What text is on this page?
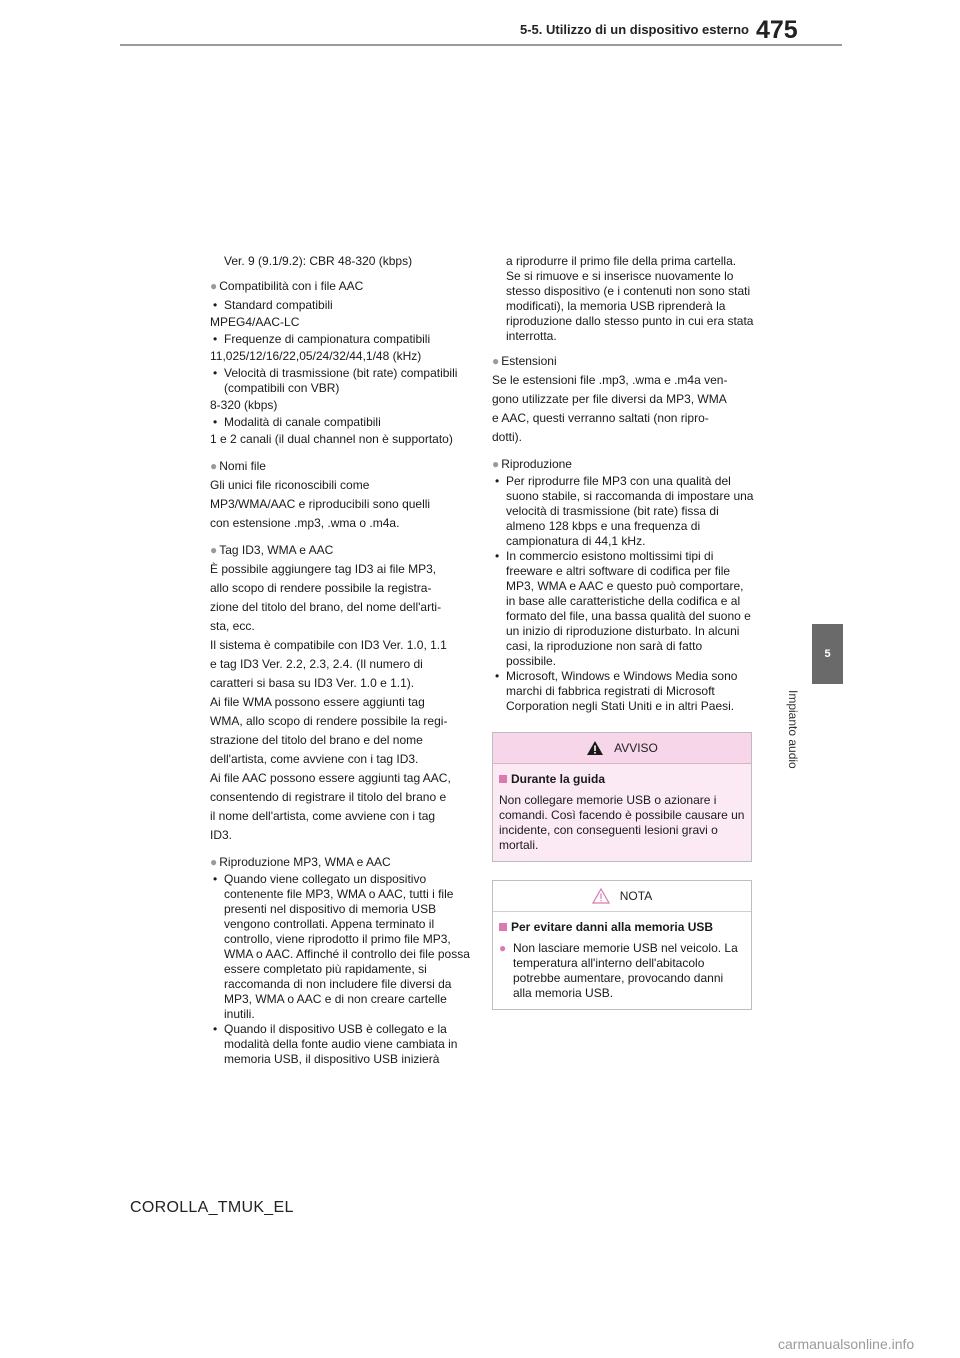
475
5-5. Utilizzo di un dispositivo esterno
5
Impianto audio

Ver. 9 (9.1/9.2): CBR 48-320 (kbps)

● Compatibilità con i file AAC

• Standard compatibili

MPEG4/AAC-LC

• Frequenze di campionatura compatibili

11,025/12/16/22,05/24/32/44,1/48 (kHz)

• Velocità di trasmissione (bit rate) compatibili (compatibili con VBR)

8-320 (kbps)

• Modalità di canale compatibili

1 e 2 canali (il dual channel non è supportato)

● Nomi file

Gli unici file riconoscibili come

MP3/WMA/AAC e riproducibili sono quelli

con estensione .mp3, .wma o .m4a.

● Tag ID3, WMA e AAC

È possibile aggiungere tag ID3 ai file MP3,

allo scopo di rendere possibile la registra-

zione del titolo del brano, del nome dell'arti-

sta, ecc.

Il sistema è compatibile con ID3 Ver. 1.0, 1.1

e tag ID3 Ver. 2.2, 2.3, 2.4. (Il numero di

caratteri si basa su ID3 Ver. 1.0 e 1.1).

Ai file WMA possono essere aggiunti tag

WMA, allo scopo di rendere possibile la regi-

strazione del titolo del brano e del nome

dell'artista, come avviene con i tag ID3.

Ai file AAC possono essere aggiunti tag AAC,

consentendo di registrare il titolo del brano e

il nome dell'artista, come avviene con i tag

ID3.

● Riproduzione MP3, WMA e AAC

• Quando viene collegato un dispositivo contenente file MP3, WMA o AAC, tutti i file presenti nel dispositivo di memoria USB vengono controllati. Appena terminato il controllo, viene riprodotto il primo file MP3, WMA o AAC. Affinché il controllo dei file possa essere completato più rapidamente, si raccomanda di non includere file diversi da MP3, WMA o AAC e di non creare cartelle inutili.

• Quando il dispositivo USB è collegato e la modalità della fonte audio viene cambiata in memoria USB, il dispositivo USB inizierà

a riprodurre il primo file della prima cartella. Se si rimuove e si inserisce nuovamente lo stesso dispositivo (e i contenuti non sono stati modificati), la memoria USB riprenderà la riproduzione dallo stesso punto in cui era stata interrotta.

● Estensioni

Se le estensioni file .mp3, .wma e .m4a ven-

gono utilizzate per file diversi da MP3, WMA

e AAC, questi verranno saltati (non ripro-

dotti).

● Riproduzione

• Per riprodurre file MP3 con una qualità del suono stabile, si raccomanda di impostare una velocità di trasmissione (bit rate) fissa di almeno 128 kbps e una frequenza di campionatura di 44,1 kHz.

• In commercio esistono moltissimi tipi di freeware e altri software di codifica per file MP3, WMA e AAC e questo può comportare, in base alle caratteristiche della codifica e al formato del file, una bassa qualità del suono e un inizio di riproduzione disturbato. In alcuni casi, la riproduzione non sarà di fatto possibile.

• Microsoft, Windows e Windows Media sono marchi di fabbrica registrati di Microsoft Corporation negli Stati Uniti e in altri Paesi.

AVVISO
Durante la guida
Non collegare memorie USB o azionare i comandi. Così facendo è possibile causare un incidente, con conseguenti lesioni gravi o mortali.
NOTA
Per evitare danni alla memoria USB
● Non lasciare memorie USB nel veicolo. La temperatura all'interno dell'abitacolo potrebbe aumentare, provocando danni alla memoria USB.
COROLLA_TMUK_EL
carmanualsonline.info
